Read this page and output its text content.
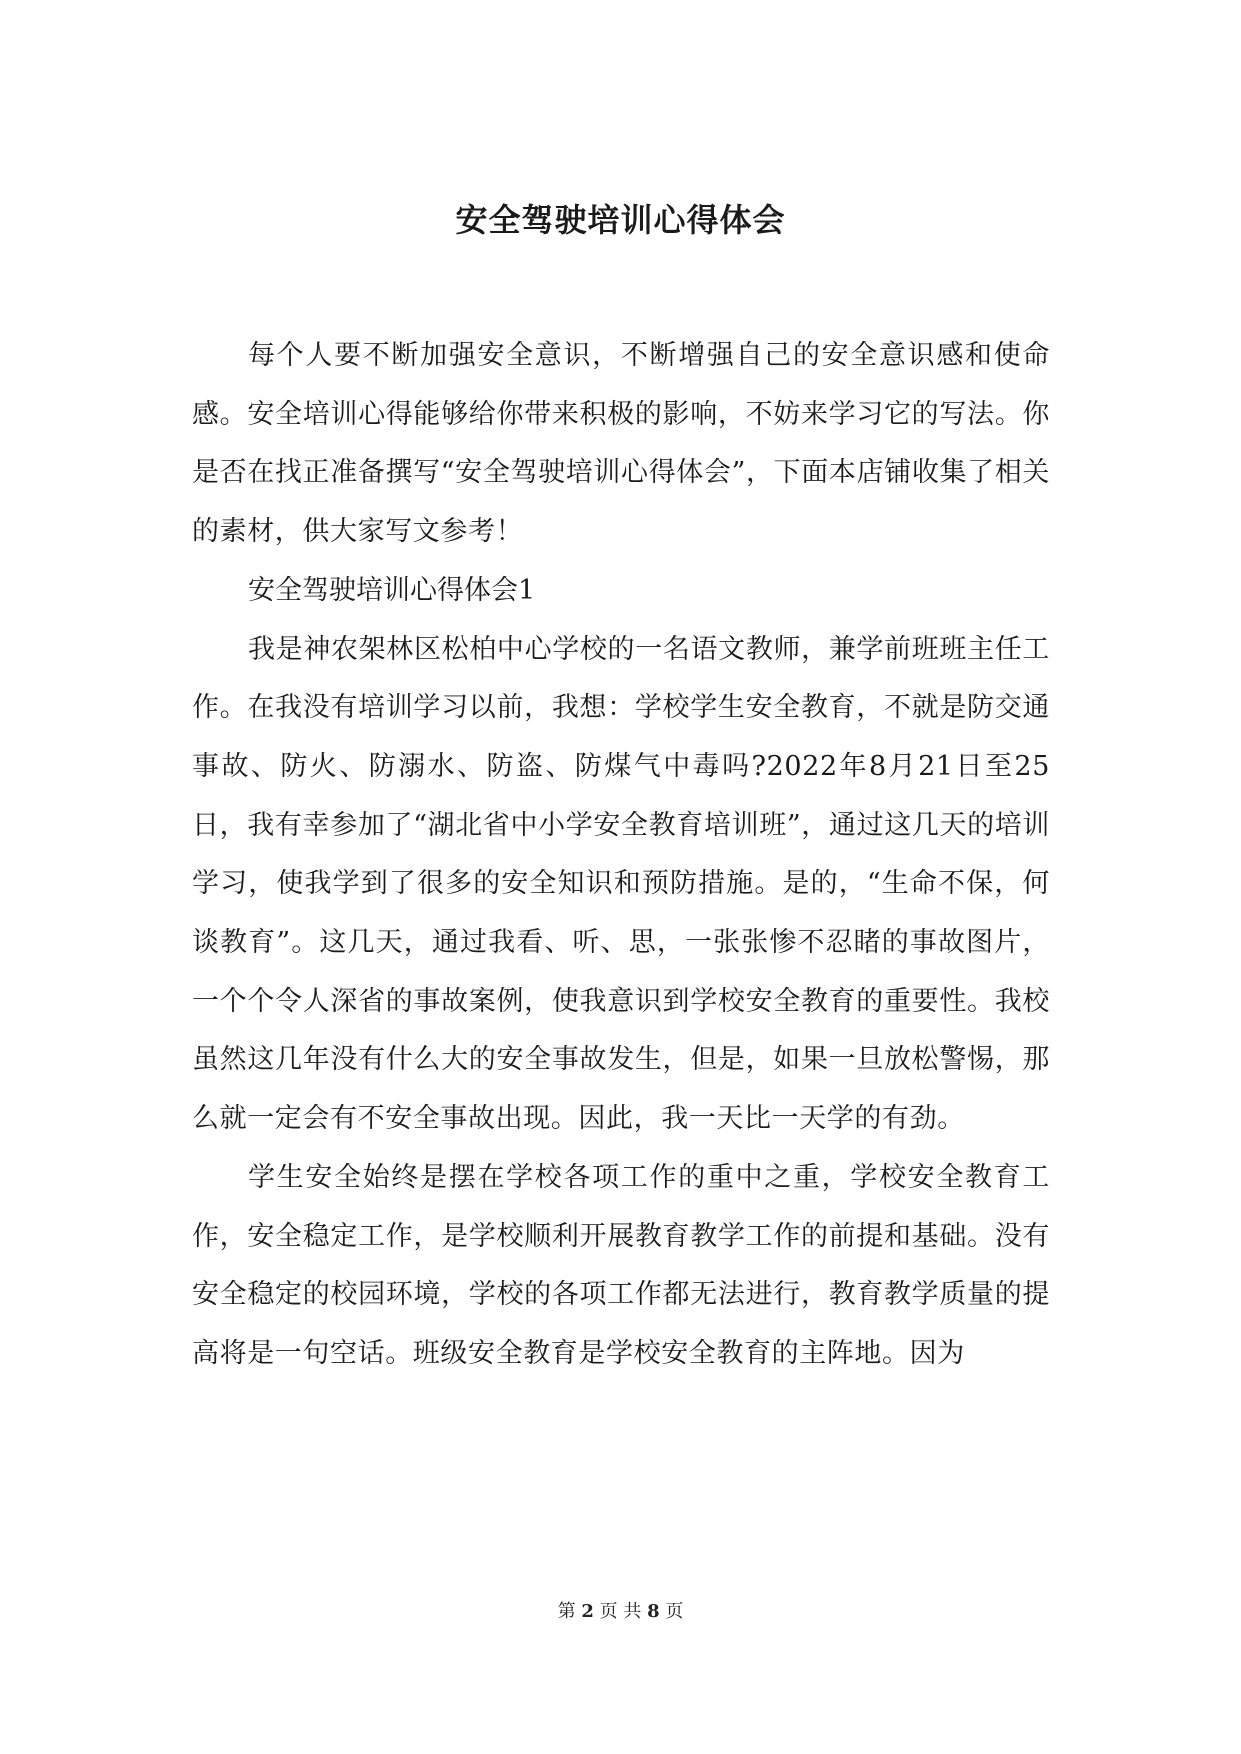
安全驾驶培训心得体会

每个人要不断加强安全意识，不断增强自己的安全意识感和使命感。安全培训心得能够给你带来积极的影响，不妨来学习它的写法。你是否在找正准备撰写“安全驾驶培训心得体会”，下面本店铺收集了相关的素材，供大家写文参考！

安全驾驶培训心得体会1

我是神农架林区松柏中心学校的一名语文教师，兼学前班班主任工作。在我没有培训学习以前，我想：学校学生安全教育，不就是防交通事故、防火、防溺水、防盗、防煤气中毒吗?2022年8月21日至25日，我有幸参加了“湖北省中小学安全教育培训班”，通过这几天的培训学习，使我学到了很多的安全知识和预防措施。是的，“生命不保，何谈教育”。这几天，通过我看、听、思，一张张惨不忍睹的事故图片，一个个令人深省的事故案例，使我意识到学校安全教育的重要性。我校虽然这几年没有什么大的安全事故发生，但是，如果一旦放松警惕，那么就一定会有不安全事故出现。因此，我一天比一天学的有劲。

学生安全始终是摆在学校各项工作的重中之重，学校安全教育工作，安全稳定工作，是学校顺利开展教育教学工作的前提和基础。没有安全稳定的校园环境，学校的各项工作都无法进行，教育教学质量的提高将是一句空话。班级安全教育是学校安全教育的主阵地。因为

第 2 页 共 8 页
